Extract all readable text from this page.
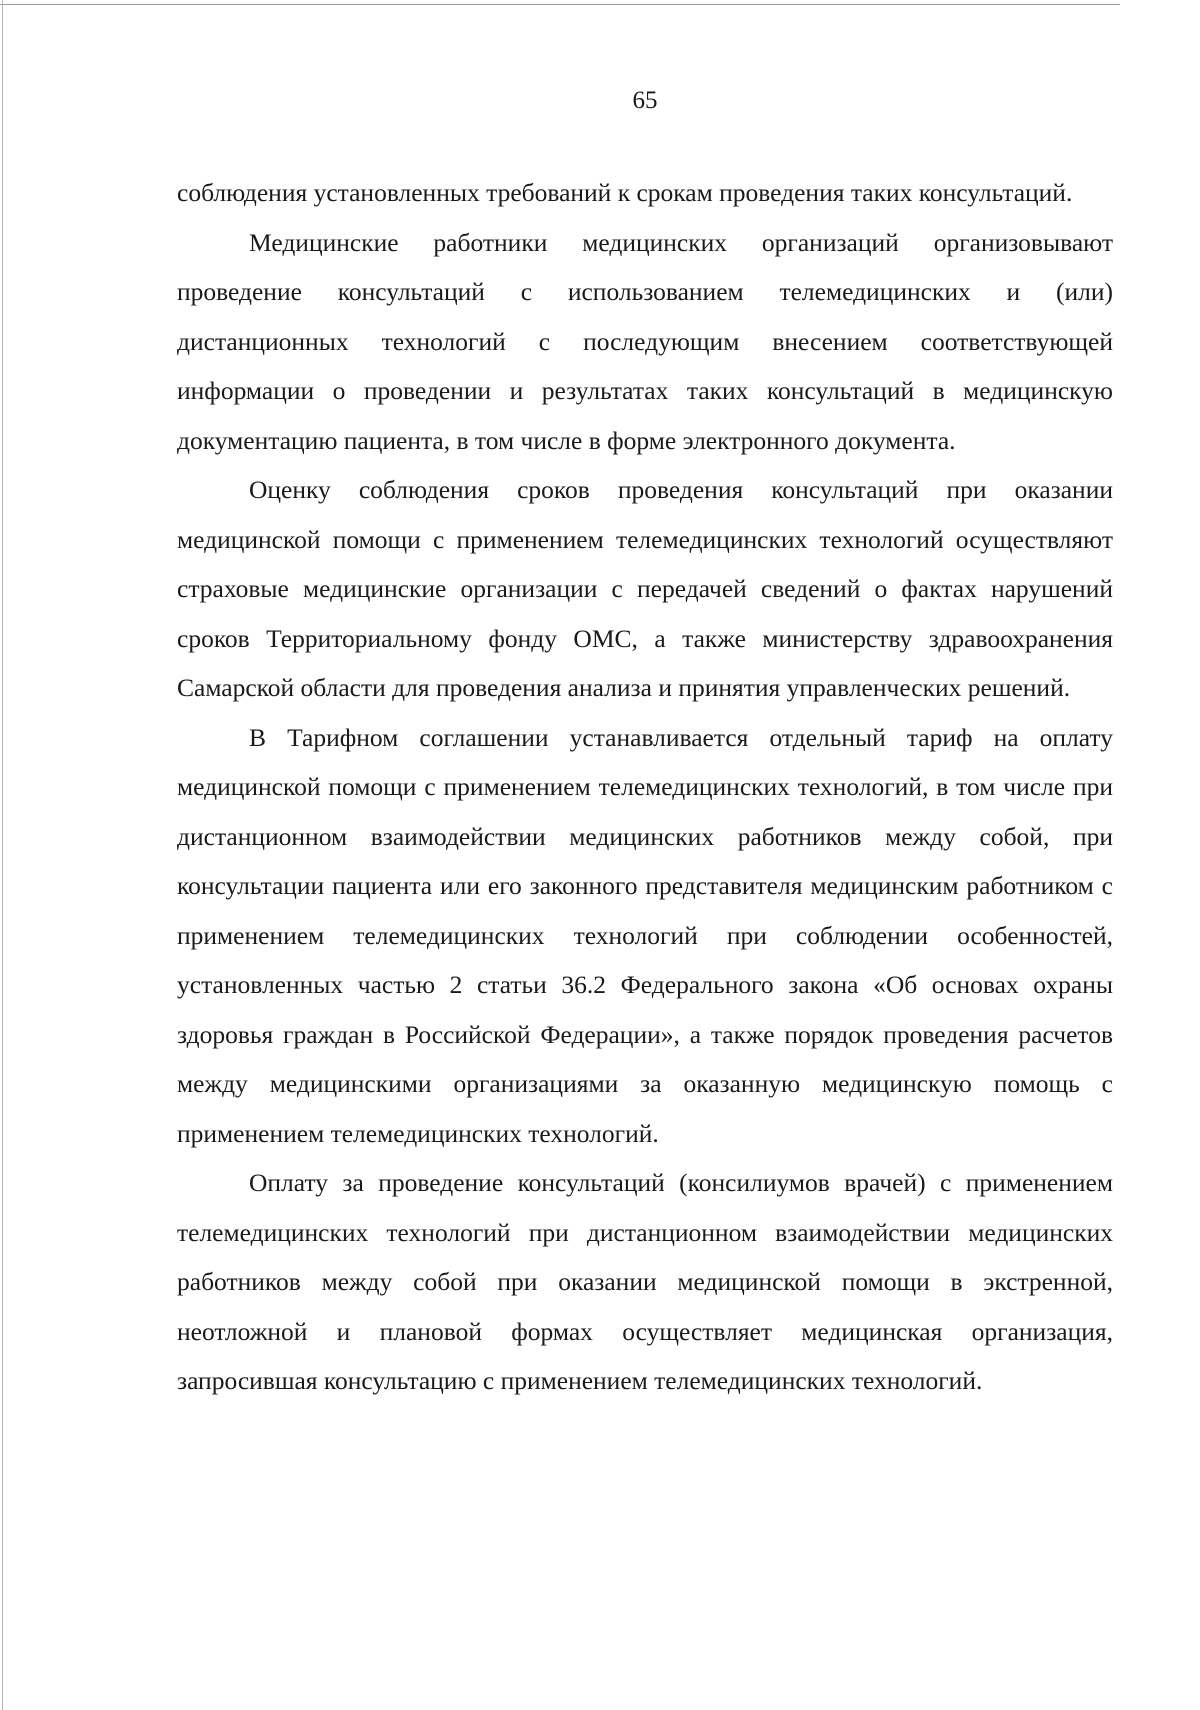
65

соблюдения установленных требований к срокам проведения таких консультаций.

Медицинские работники медицинских организаций организовывают проведение консультаций с использованием телемедицинских и (или) дистанционных технологий с последующим внесением соответствующей информации о проведении и результатах таких консультаций в медицинскую документацию пациента, в том числе в форме электронного документа.

Оценку соблюдения сроков проведения консультаций при оказании медицинской помощи с применением телемедицинских технологий осуществляют страховые медицинские организации с передачей сведений о фактах нарушений сроков Территориальному фонду ОМС, а также министерству здравоохранения Самарской области для проведения анализа и принятия управленческих решений.

В Тарифном соглашении устанавливается отдельный тариф на оплату медицинской помощи с применением телемедицинских технологий, в том числе при дистанционном взаимодействии медицинских работников между собой, при консультации пациента или его законного представителя медицинским работником с применением телемедицинских технологий при соблюдении особенностей, установленных частью 2 статьи 36.2 Федерального закона «Об основах охраны здоровья граждан в Российской Федерации», а также порядок проведения расчетов между медицинскими организациями за оказанную медицинскую помощь с применением телемедицинских технологий.

Оплату за проведение консультаций (консилиумов врачей) с применением телемедицинских технологий при дистанционном взаимодействии медицинских работников между собой при оказании медицинской помощи в экстренной, неотложной и плановой формах осуществляет медицинская организация, запросившая консультацию с применением телемедицинских технологий.
